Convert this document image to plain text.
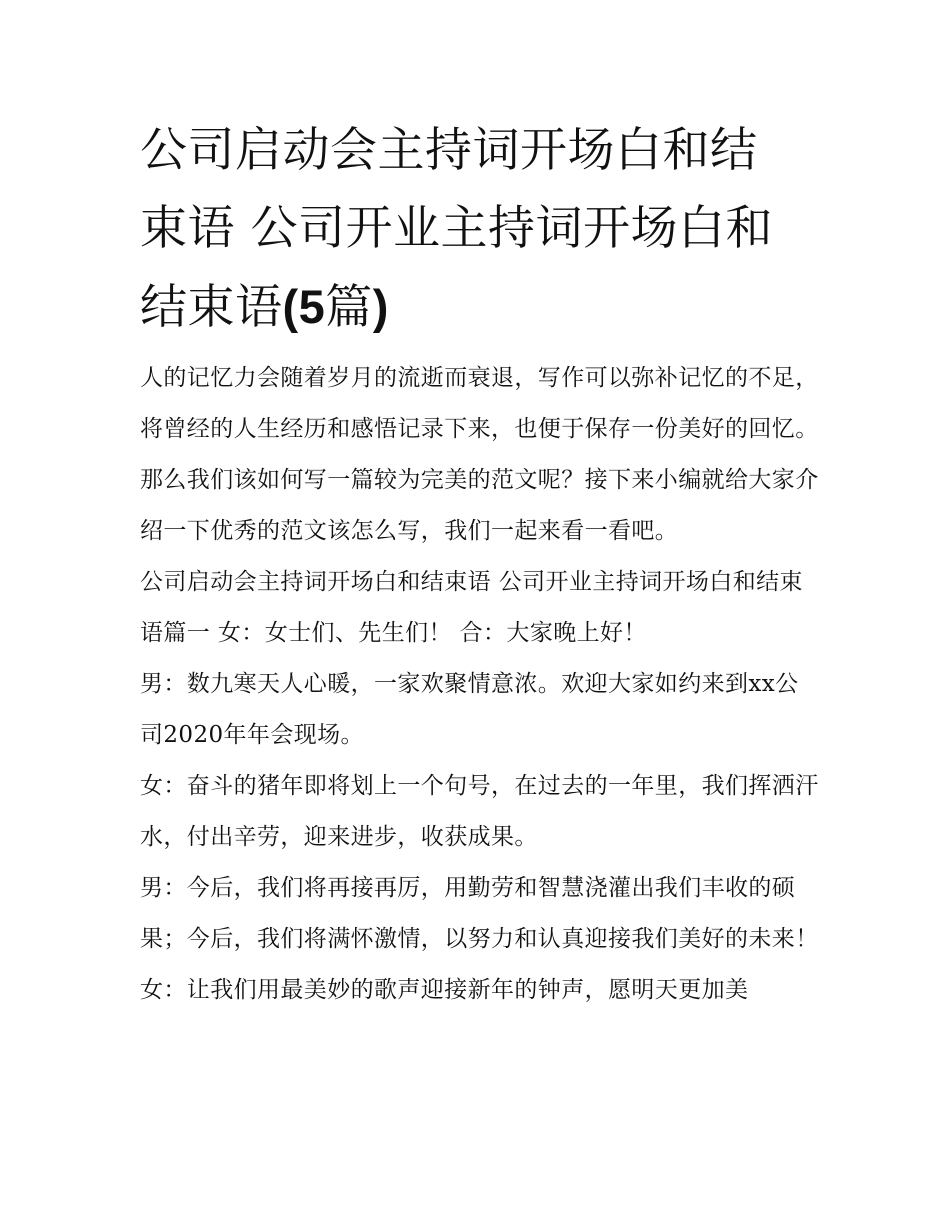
公司启动会主持词开场白和结
束语 公司开业主持词开场白和
结束语(5篇)

人的记忆力会随着岁月的流逝而衰退，写作可以弥补记忆的不足，将曾经的人生经历和感悟记录下来，也便于保存一份美好的回忆。那么我们该如何写一篇较为完美的范文呢？接下来小编就给大家介绍一下优秀的范文该怎么写，我们一起来看一看吧。

公司启动会主持词开场白和结束语 公司开业主持词开场白和结束语篇一 女：女士们、先生们！ 合：大家晚上好！

男：数九寒天人心暖，一家欢聚情意浓。欢迎大家如约来到xx公司2020年年会现场。

女：奋斗的猪年即将划上一个句号，在过去的一年里，我们挥洒汗水，付出辛劳，迎来进步，收获成果。

男：今后，我们将再接再厉，用勤劳和智慧浇灌出我们丰收的硕果；今后，我们将满怀激情，以努力和认真迎接我们美好的未来！

女：让我们用最美妙的歌声迎接新年的钟声，愿明天更加美
